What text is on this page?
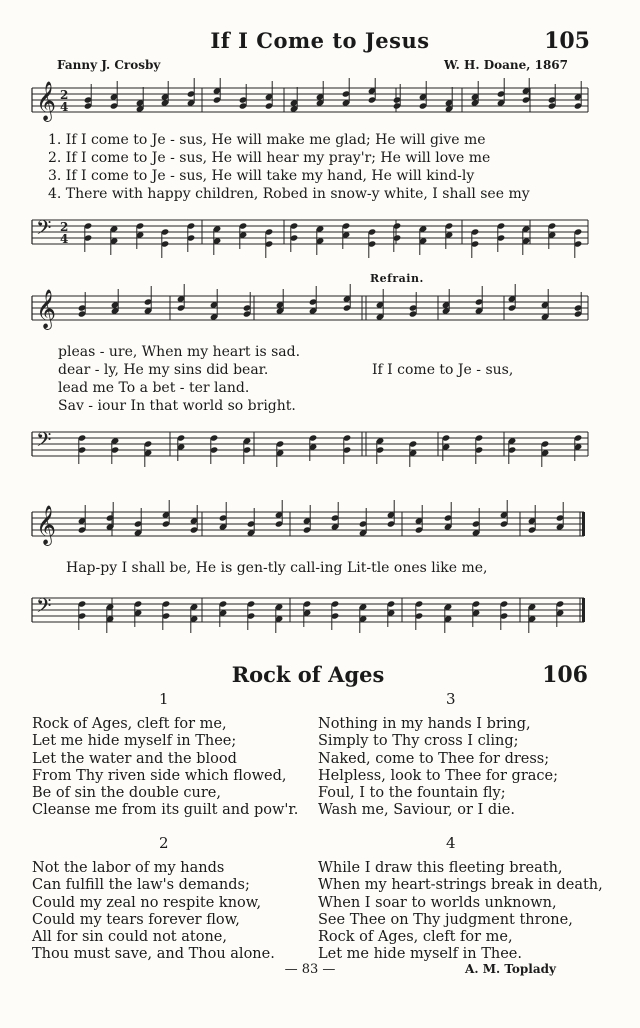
If I Come to Jesus	105
Fanny J. Crosby	W. H. Doane, 1867
𝄞 2
4
1. If I come to Je - sus, He will make me glad; He will give me
2. If I come to Je - sus, He will hear my pray'r; He will love me
3. If I come to Je - sus, He will take my hand, He will kind-ly
4. There with happy children, Robed in snow-y white, I shall see my
𝄢 2
4
Refrain.
𝄞
pleas - ure, When my heart is sad.
dear - ly, He my sins did bear.
lead me To a bet - ter land.
Sav - iour In that world so bright.
If I come to Je - sus,
𝄢
𝄞
Hap-py I shall be, He is gen-tly call-ing Lit-tle ones like me,
𝄢
Rock of Ages	106
1
Rock of Ages, cleft for me,
Let me hide myself in Thee;
Let the water and the blood
From Thy riven side which flowed,
Be of sin the double cure,
Cleanse me from its guilt and pow'r.
2
Not the labor of my hands
Can fulfill the law's demands;
Could my zeal no respite know,
Could my tears forever flow,
All for sin could not atone,
Thou must save, and Thou alone.
3
Nothing in my hands I bring,
Simply to Thy cross I cling;
Naked, come to Thee for dress;
Helpless, look to Thee for grace;
Foul, I to the fountain fly;
Wash me, Saviour, or I die.
4
While I draw this fleeting breath,
When my heart-strings break in death,
When I soar to worlds unknown,
See Thee on Thy judgment throne,
Rock of Ages, cleft for me,
Let me hide myself in Thee.
— 83 —	A. M. Toplady
